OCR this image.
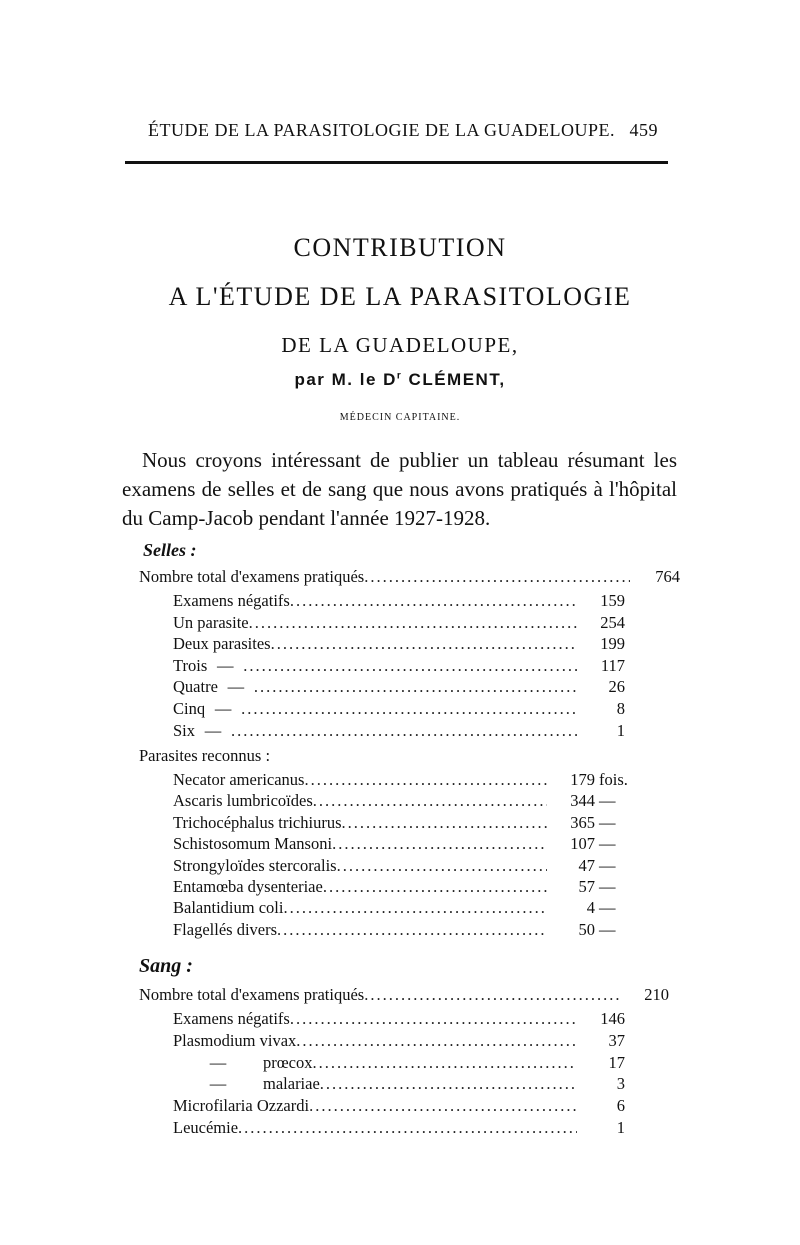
ÉTUDE DE LA PARASITOLOGIE DE LA GUADELOUPE. 459
CONTRIBUTION
A L'ÉTUDE DE LA PARASITOLOGIE
DE LA GUADELOUPE,
par M. le $D^r$ CLÉMENT,
MÉDECIN CAPITAINE.
Nous croyons intéressant de publier un tableau résumant les examens de selles et de sang que nous avons pratiqués à l'hôpital du Camp-Jacob pendant l'année 1927-1928.
Selles :
Nombre total d'examens pratiqués .....	764
Examens négatifs .....	159
Un parasite .....	254
Deux parasites .....	199
Trois — .....	117
Quatre — .....	26
Cinq — .....	8
Six — .....	1
Parasites reconnus :
Necator americanus .....	179 fois.
Ascaris lumbricoïdes .....	344 —
Trichocéphalus trichiurus .....	365 —
Schistosomum Mansoni .....	107 —
Strongyloïdes stercoralis .....	47 —
Entamœba dysenteriae .....	57 —
Balantidium coli .....	4 —
Flagellés divers .....	50 —
Sang :
Nombre total d'examens pratiqués .....	210
Examens négatifs .....	146
Plasmodium vivax .....	37
—	prœcox .....	17
—	malariae .....	3
Microfilaria Ozzardi .....	6
Leucémie .....	1
